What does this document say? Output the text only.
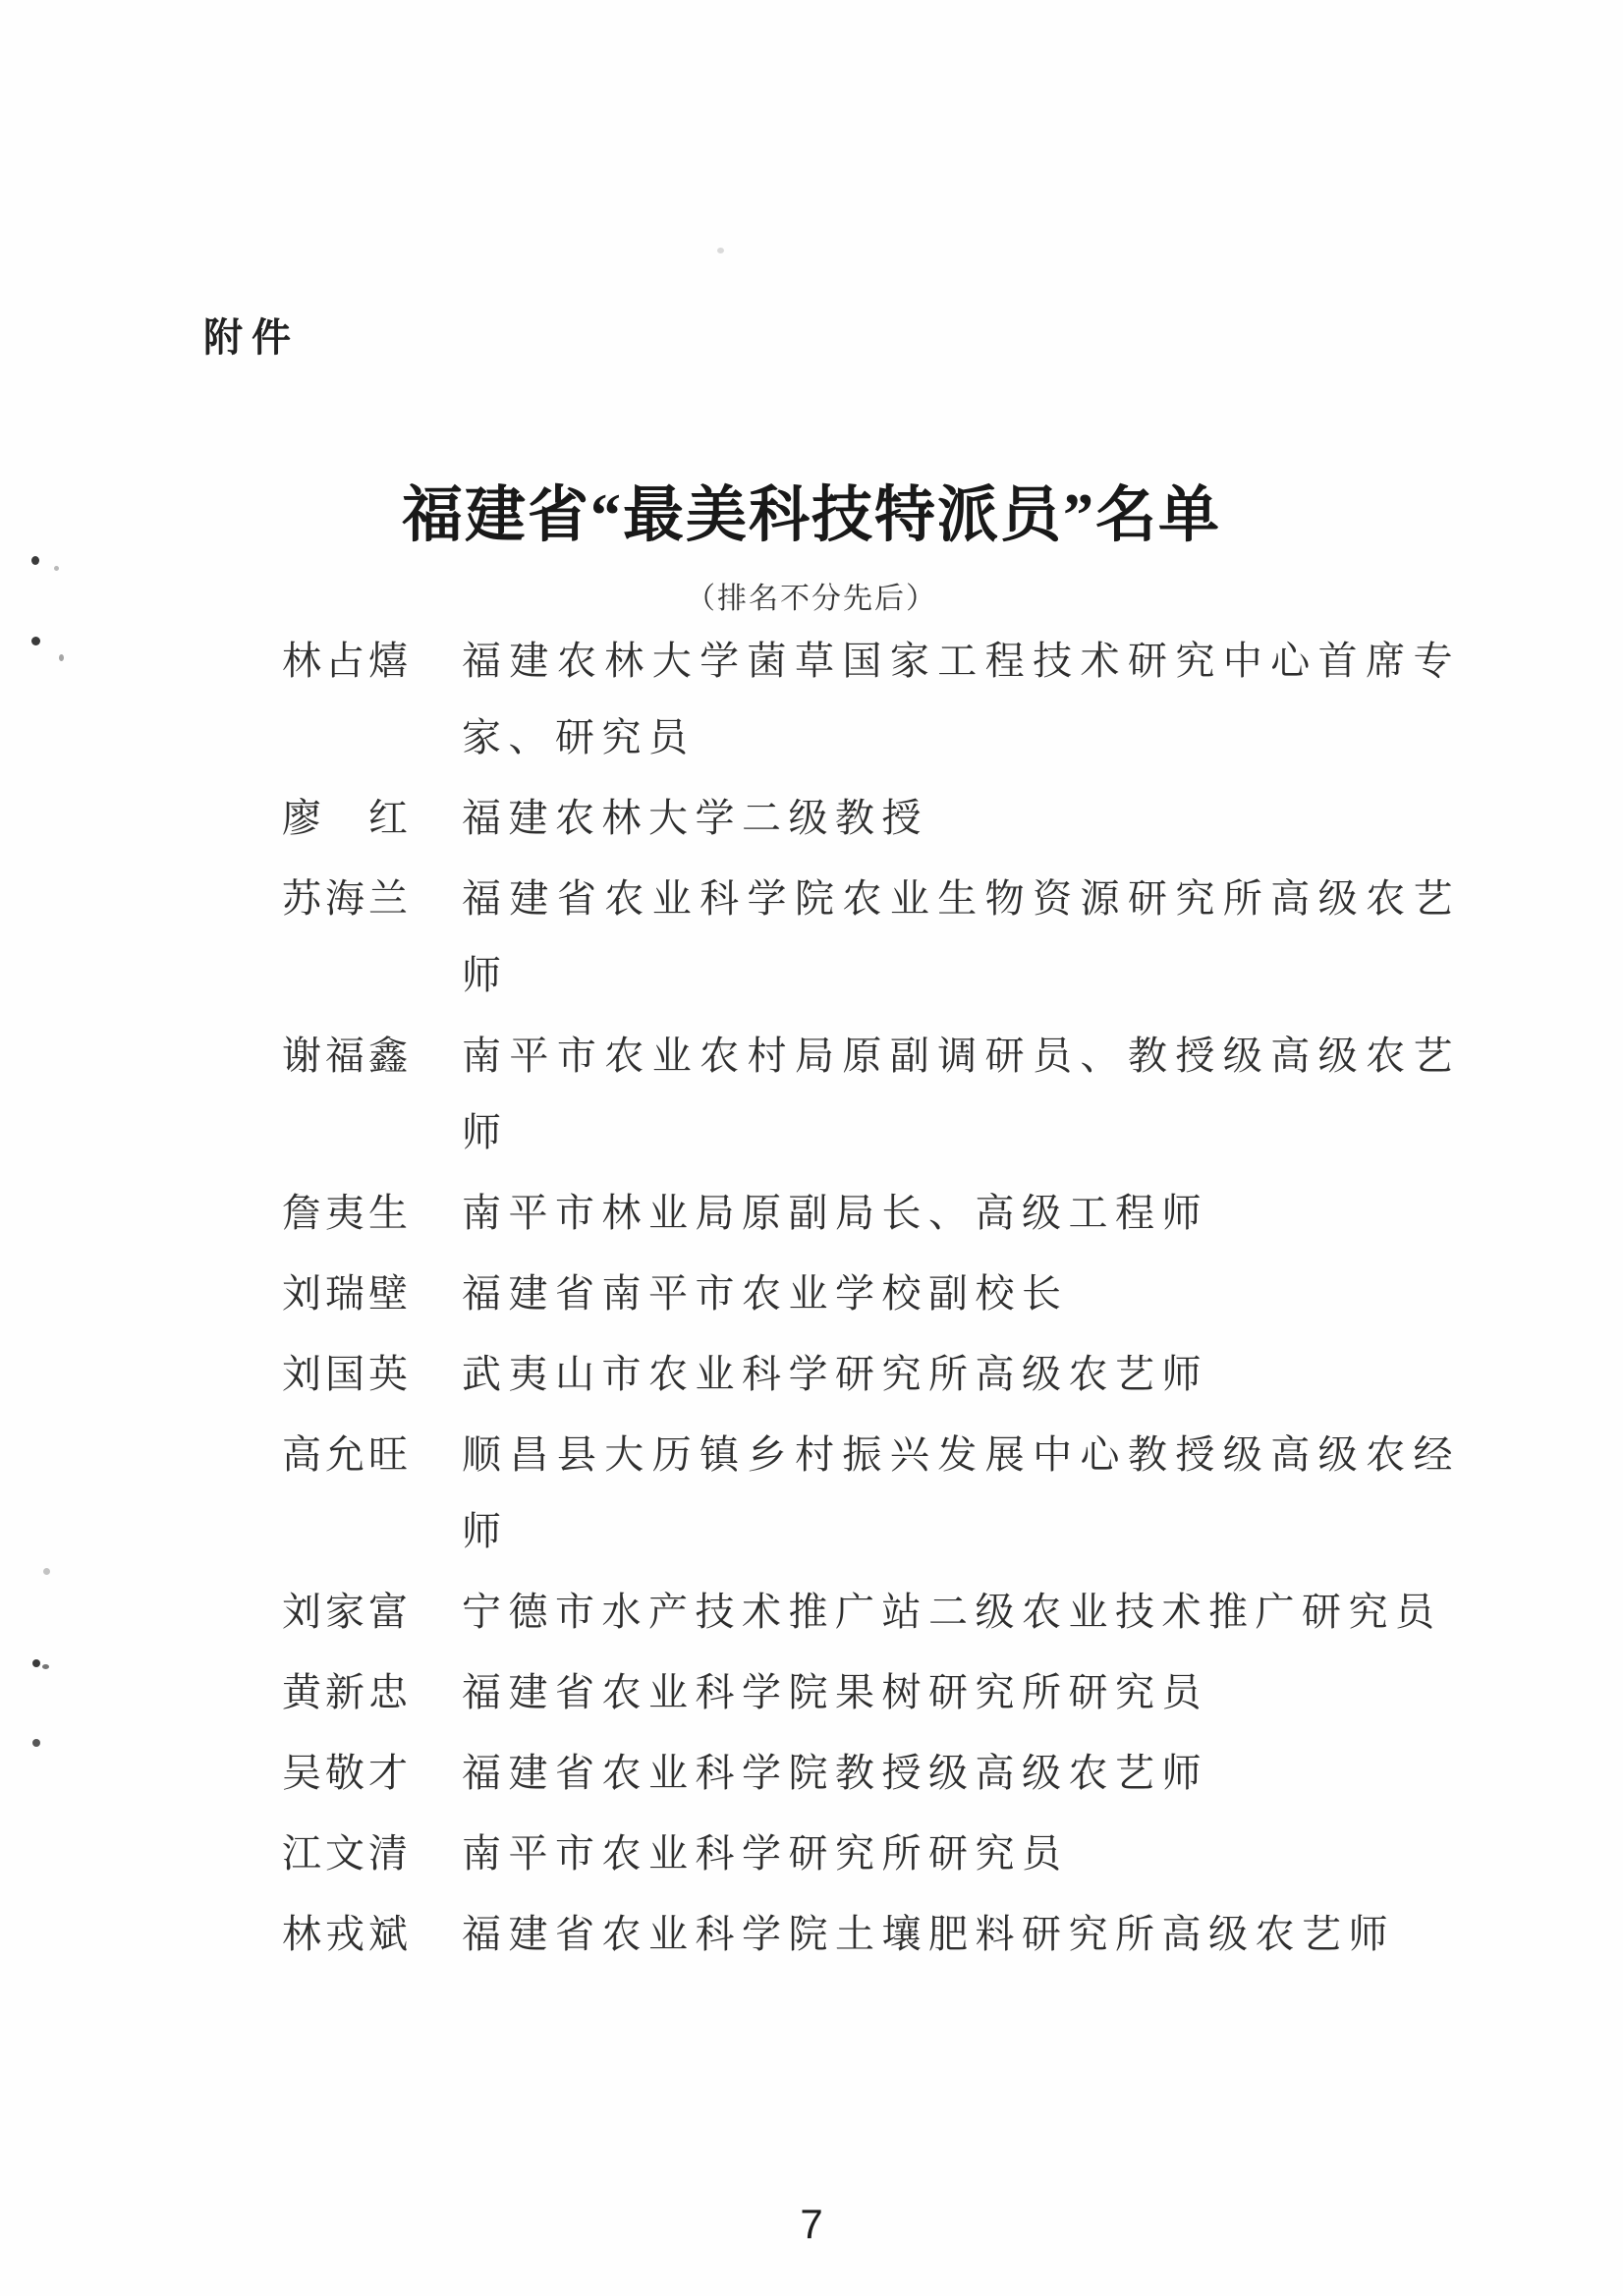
附件
福建省“最美科技特派员”名单
（排名不分先后）
林占熺 福建农林大学菌草国家工程技术研究中心首席专家、研究员
廖　红 福建农林大学二级教授
苏海兰 福建省农业科学院农业生物资源研究所高级农艺师
谢福鑫 南平市农业农村局原副调研员、教授级高级农艺师
詹夷生 南平市林业局原副局长、高级工程师
刘瑞壁 福建省南平市农业学校副校长
刘国英 武夷山市农业科学研究所高级农艺师
高允旺 顺昌县大历镇乡村振兴发展中心教授级高级农经师
刘家富 宁德市水产技术推广站二级农业技术推广研究员
黄新忠 福建省农业科学院果树研究所研究员
吴敬才 福建省农业科学院教授级高级农艺师
江文清 南平市农业科学研究所研究员
林戎斌 福建省农业科学院土壤肥料研究所高级农艺师
7
